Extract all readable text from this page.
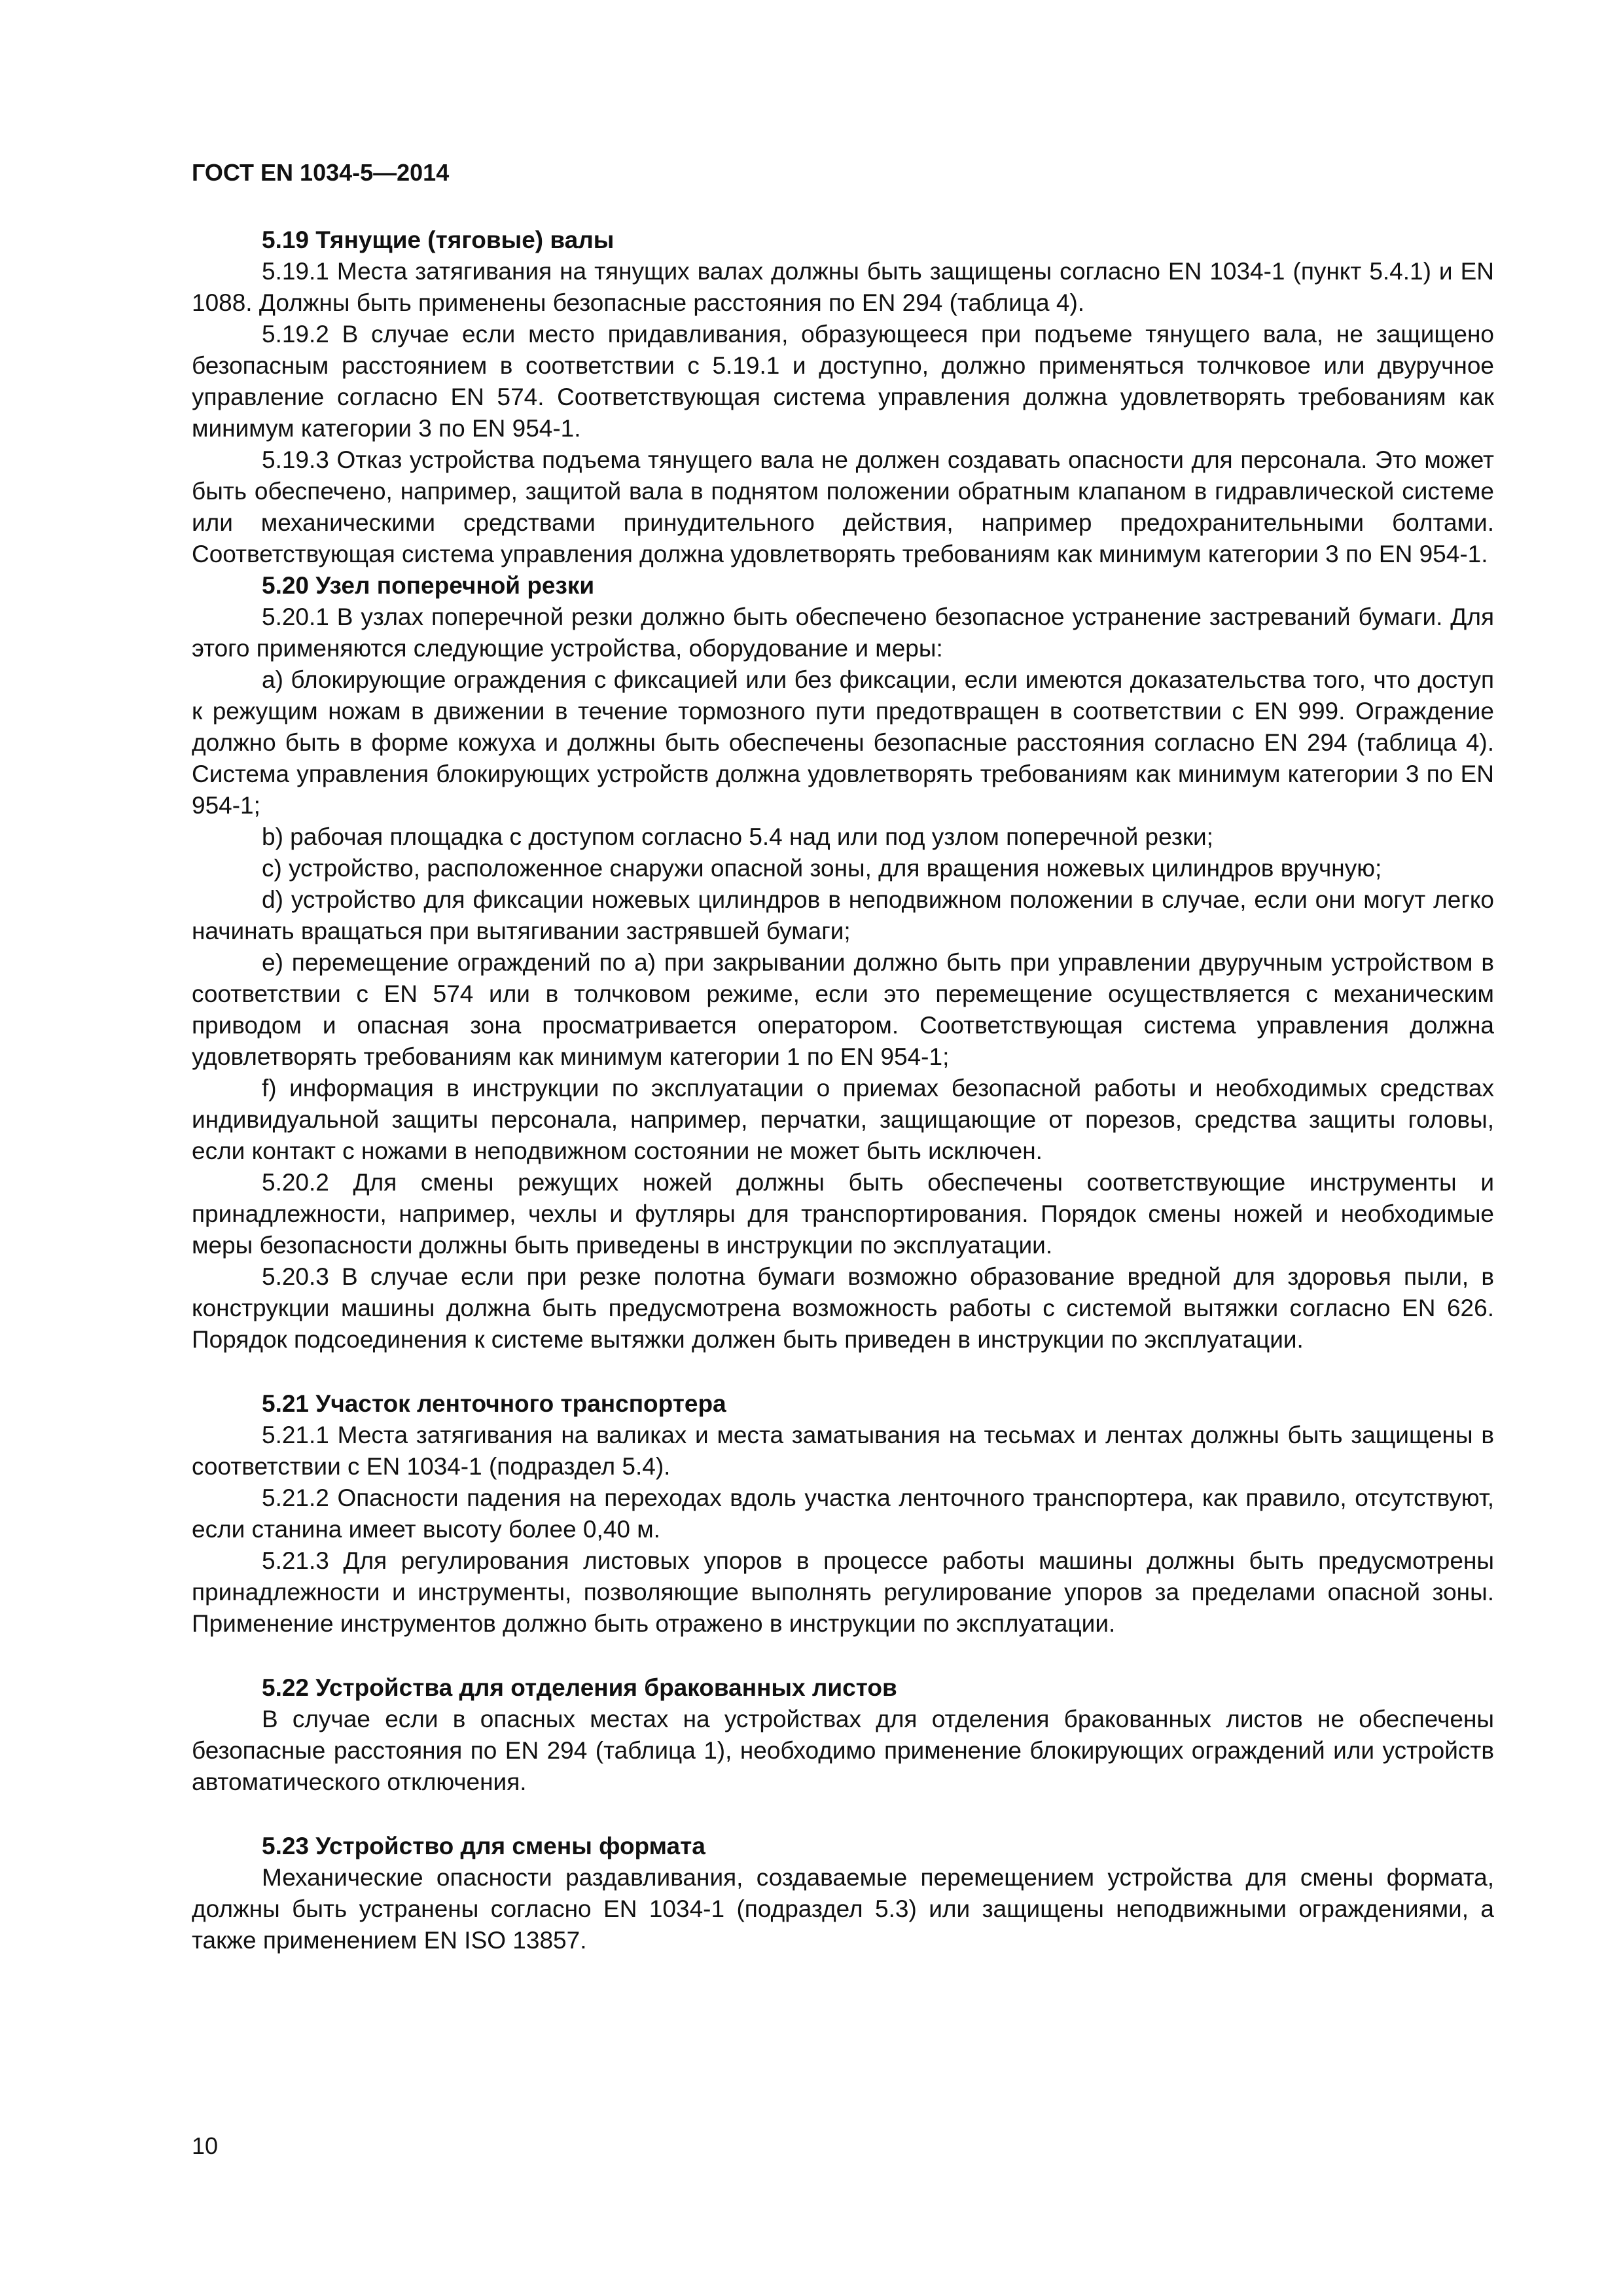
ГОСТ EN 1034-5—2014
5.19 Тянущие (тяговые) валы

5.19.1 Места затягивания на тянущих валах должны быть защищены согласно EN 1034-1 (пункт 5.4.1) и EN 1088. Должны быть применены безопасные расстояния по EN 294 (таблица 4).

5.19.2 В случае если место придавливания, образующееся при подъеме тянущего вала, не защищено безопасным расстоянием в соответствии с 5.19.1 и доступно, должно применяться толчковое или двуручное управление согласно EN 574. Соответствующая система управления должна удовлетворять требованиям как минимум категории 3 по EN 954-1.

5.19.3 Отказ устройства подъема тянущего вала не должен создавать опасности для персонала. Это может быть обеспечено, например, защитой вала в поднятом положении обратным клапаном в гидравлической системе или механическими средствами принудительного действия, например предохранительными болтами. Соответствующая система управления должна удовлетворять требованиям как минимум категории 3 по EN 954-1.

5.20 Узел поперечной резки

5.20.1 В узлах поперечной резки должно быть обеспечено безопасное устранение застреваний бумаги. Для этого применяются следующие устройства, оборудование и меры:

a) блокирующие ограждения с фиксацией или без фиксации, если имеются доказательства того, что доступ к режущим ножам в движении в течение тормозного пути предотвращен в соответствии с EN 999. Ограждение должно быть в форме кожуха и должны быть обеспечены безопасные расстояния согласно EN 294 (таблица 4). Система управления блокирующих устройств должна удовлетворять требованиям как минимум категории 3 по EN 954-1;

b) рабочая площадка с доступом согласно 5.4 над или под узлом поперечной резки;

c) устройство, расположенное снаружи опасной зоны, для вращения ножевых цилиндров вручную;

d) устройство для фиксации ножевых цилиндров в неподвижном положении в случае, если они могут легко начинать вращаться при вытягивании застрявшей бумаги;

e) перемещение ограждений по a) при закрывании должно быть при управлении двуручным устройством в соответствии с EN 574 или в толчковом режиме, если это перемещение осуществляется с механическим приводом и опасная зона просматривается оператором. Соответствующая система управления должна удовлетворять требованиям как минимум категории 1 по EN 954-1;

f) информация в инструкции по эксплуатации о приемах безопасной работы и необходимых средствах индивидуальной защиты персонала, например, перчатки, защищающие от порезов, средства защиты головы, если контакт с ножами в неподвижном состоянии не может быть исключен.

5.20.2 Для смены режущих ножей должны быть обеспечены соответствующие инструменты и принадлежности, например, чехлы и футляры для транспортирования. Порядок смены ножей и необходимые меры безопасности должны быть приведены в инструкции по эксплуатации.

5.20.3 В случае если при резке полотна бумаги возможно образование вредной для здоровья пыли, в конструкции машины должна быть предусмотрена возможность работы с системой вытяжки согласно EN 626. Порядок подсоединения к системе вытяжки должен быть приведен в инструкции по эксплуатации.

5.21 Участок ленточного транспортера

5.21.1 Места затягивания на валиках и места заматывания на тесьмах и лентах должны быть защищены в соответствии с EN 1034-1 (подраздел 5.4).

5.21.2 Опасности падения на переходах вдоль участка ленточного транспортера, как правило, отсутствуют, если станина имеет высоту более 0,40 м.

5.21.3 Для регулирования листовых упоров в процессе работы машины должны быть предусмотрены принадлежности и инструменты, позволяющие выполнять регулирование упоров за пределами опасной зоны. Применение инструментов должно быть отражено в инструкции по эксплуатации.

5.22 Устройства для отделения бракованных листов

В случае если в опасных местах на устройствах для отделения бракованных листов не обеспечены безопасные расстояния по EN 294 (таблица 1), необходимо применение блокирующих ограждений или устройств автоматического отключения.

5.23 Устройство для смены формата

Механические опасности раздавливания, создаваемые перемещением устройства для смены формата, должны быть устранены согласно EN 1034-1 (подраздел 5.3) или защищены неподвижными ограждениями, а также применением EN ISO 13857.

10
